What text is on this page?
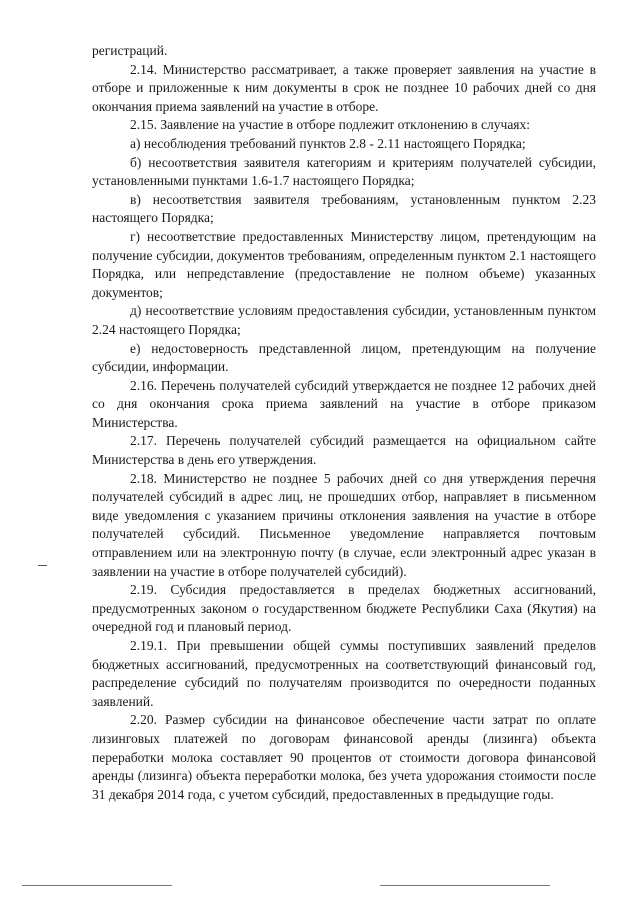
регистраций.

2.14. Министерство рассматривает, а также проверяет заявления на участие в отборе и приложенные к ним документы в срок не позднее 10 рабочих дней со дня окончания приема заявлений на участие в отборе.

2.15. Заявление на участие в отборе подлежит отклонению в случаях:

а) несоблюдения требований пунктов 2.8 - 2.11 настоящего Порядка;

б) несоответствия заявителя категориям и критериям получателей субсидии, установленными пунктами 1.6-1.7 настоящего Порядка;

в) несоответствия заявителя требованиям, установленным пунктом 2.23 настоящего Порядка;

г) несоответствие предоставленных Министерству лицом, претендующим на получение субсидии, документов требованиям, определенным пунктом 2.1 настоящего Порядка, или непредставление (предоставление не полном объеме) указанных документов;

д) несоответствие условиям предоставления субсидии, установленным пунктом 2.24 настоящего Порядка;

е) недостоверность представленной лицом, претендующим на получение субсидии, информации.

2.16. Перечень получателей субсидий утверждается не позднее 12 рабочих дней со дня окончания срока приема заявлений на участие в отборе приказом Министерства.

2.17. Перечень получателей субсидий размещается на официальном сайте Министерства в день его утверждения.

2.18. Министерство не позднее 5 рабочих дней со дня утверждения перечня получателей субсидий в адрес лиц, не прошедших отбор, направляет в письменном виде уведомления с указанием причины отклонения заявления на участие в отборе получателей субсидий. Письменное уведомление направляется почтовым отправлением или на электронную почту (в случае, если электронный адрес указан в заявлении на участие в отборе получателей субсидий).

2.19. Субсидия предоставляется в пределах бюджетных ассигнований, предусмотренных законом о государственном бюджете Республики Саха (Якутия) на очередной год и плановый период.

2.19.1. При превышении общей суммы поступивших заявлений пределов бюджетных ассигнований, предусмотренных на соответствующий финансовый год, распределение субсидий по получателям производится по очередности поданных заявлений.

2.20. Размер субсидии на финансовое обеспечение части затрат по оплате лизинговых платежей по договорам финансовой аренды (лизинга) объекта переработки молока составляет 90 процентов от стоимости договора финансовой аренды (лизинга) объекта переработки молока, без учета удорожания стоимости после 31 декабря 2014 года, с учетом субсидий, предоставленных в предыдущие годы.
